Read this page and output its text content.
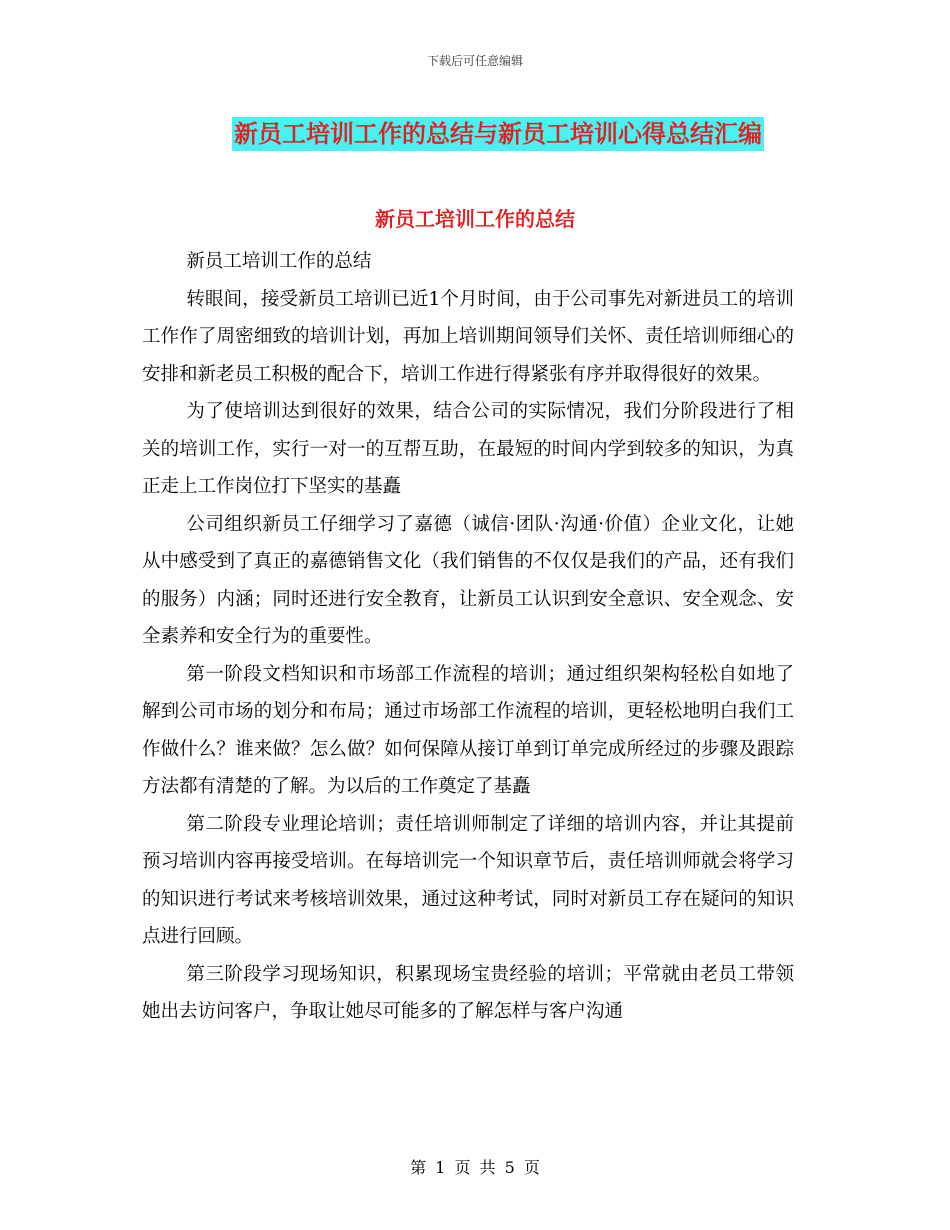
下载后可任意编辑
新员工培训工作的总结与新员工培训心得总结汇编
新员工培训工作的总结

新员工培训工作的总结

转眼间，接受新员工培训已近1个月时间，由于公司事先对新进员工的培训工作作了周密细致的培训计划，再加上培训期间领导们关怀、责任培训师细心的安排和新老员工积极的配合下，培训工作进行得紧张有序并取得很好的效果。

为了使培训达到很好的效果，结合公司的实际情况，我们分阶段进行了相关的培训工作，实行一对一的互帮互助，在最短的时间内学到较多的知识，为真正走上工作岗位打下坚实的基矗

公司组织新员工仔细学习了嘉德（诚信·团队·沟通·价值）企业文化，让她从中感受到了真正的嘉德销售文化（我们销售的不仅仅是我们的产品，还有我们的服务）内涵；同时还进行安全教育，让新员工认识到安全意识、安全观念、安全素养和安全行为的重要性。

第一阶段文档知识和市场部工作流程的培训；通过组织架构轻松自如地了解到公司市场的划分和布局；通过市场部工作流程的培训，更轻松地明白我们工作做什么？谁来做？怎么做？如何保障从接订单到订单完成所经过的步骤及跟踪方法都有清楚的了解。为以后的工作奠定了基矗

第二阶段专业理论培训；责任培训师制定了详细的培训内容，并让其提前预习培训内容再接受培训。在每培训完一个知识章节后，责任培训师就会将学习的知识进行考试来考核培训效果，通过这种考试，同时对新员工存在疑问的知识点进行回顾。

第三阶段学习现场知识，积累现场宝贵经验的培训；平常就由老员工带领她出去访问客户，争取让她尽可能多的了解怎样与客户沟通

第 1 页 共 5 页
